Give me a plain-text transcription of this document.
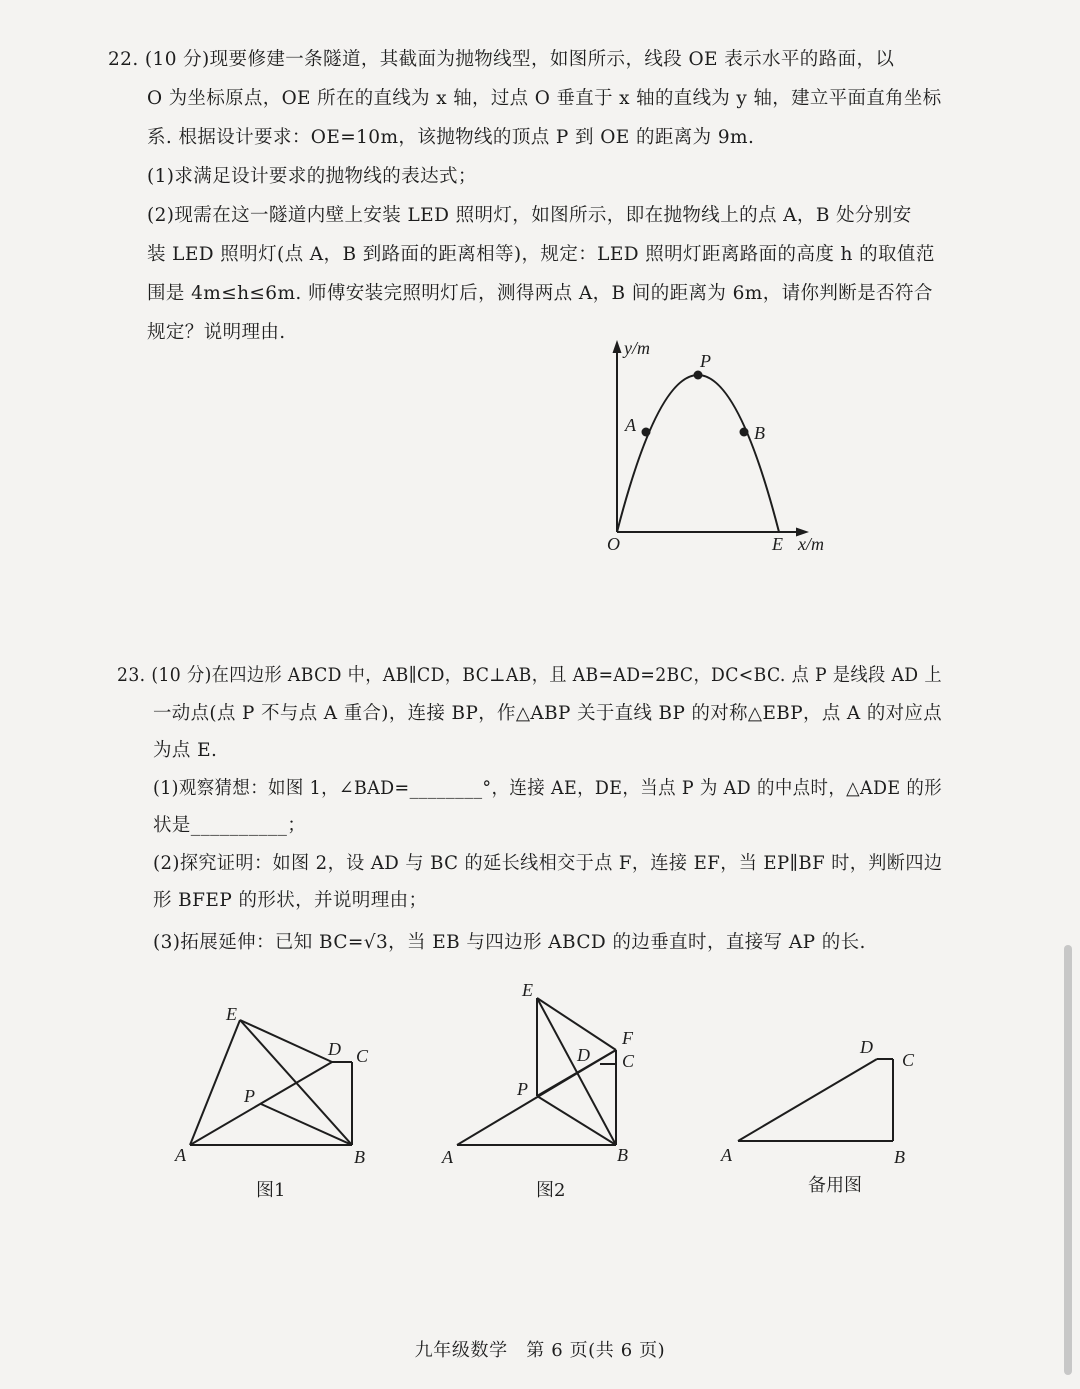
22. (10 分)现要修建一条隧道，其截面为抛物线型，如图所示，线段 OE 表示水平的路面，以
O 为坐标原点，OE 所在的直线为 x 轴，过点 O 垂直于 x 轴的直线为 y 轴，建立平面直角坐标
系. 根据设计要求：OE=10m，该抛物线的顶点 P 到 OE 的距离为 9m.
(1)求满足设计要求的抛物线的表达式；
(2)现需在这一隧道内壁上安装 LED 照明灯，如图所示，即在抛物线上的点 A，B 处分别安
装 LED 照明灯(点 A，B 到路面的距离相等)，规定：LED 照明灯距离路面的高度 h 的取值范
围是 4m≤h≤6m. 师傅安装完照明灯后，测得两点 A，B 间的距离为 6m，请你判断是否符合
规定？说明理由.
y/m
P
A	B
O	E x/m
23. (10 分)在四边形 ABCD 中，AB∥CD，BC⊥AB，且 AB=AD=2BC，DC<BC. 点 P 是线段 AD 上
一动点(点 P 不与点 A 重合)，连接 BP，作△ABP 关于直线 BP 的对称△EBP，点 A 的对应点
为点 E.
(1)观察猜想：如图 1，∠BAD=________°，连接 AE，DE，当点 P 为 AD 的中点时，△ADE 的形
状是__________；
(2)探究证明：如图 2，设 AD 与 BC 的延长线相交于点 F，连接 EF，当 EP∥BF 时，判断四边
形 BFEP 的形状，并说明理由；
(3)拓展延伸：已知 BC=√3，当 EB 与四边形 ABCD 的边垂直时，直接写 AP 的长.
E
D C
P
A	B
图1
E
F
D C
P
A	B
图2
D
C
A	B
备用图
九年级数学　第 6 页(共 6 页)
